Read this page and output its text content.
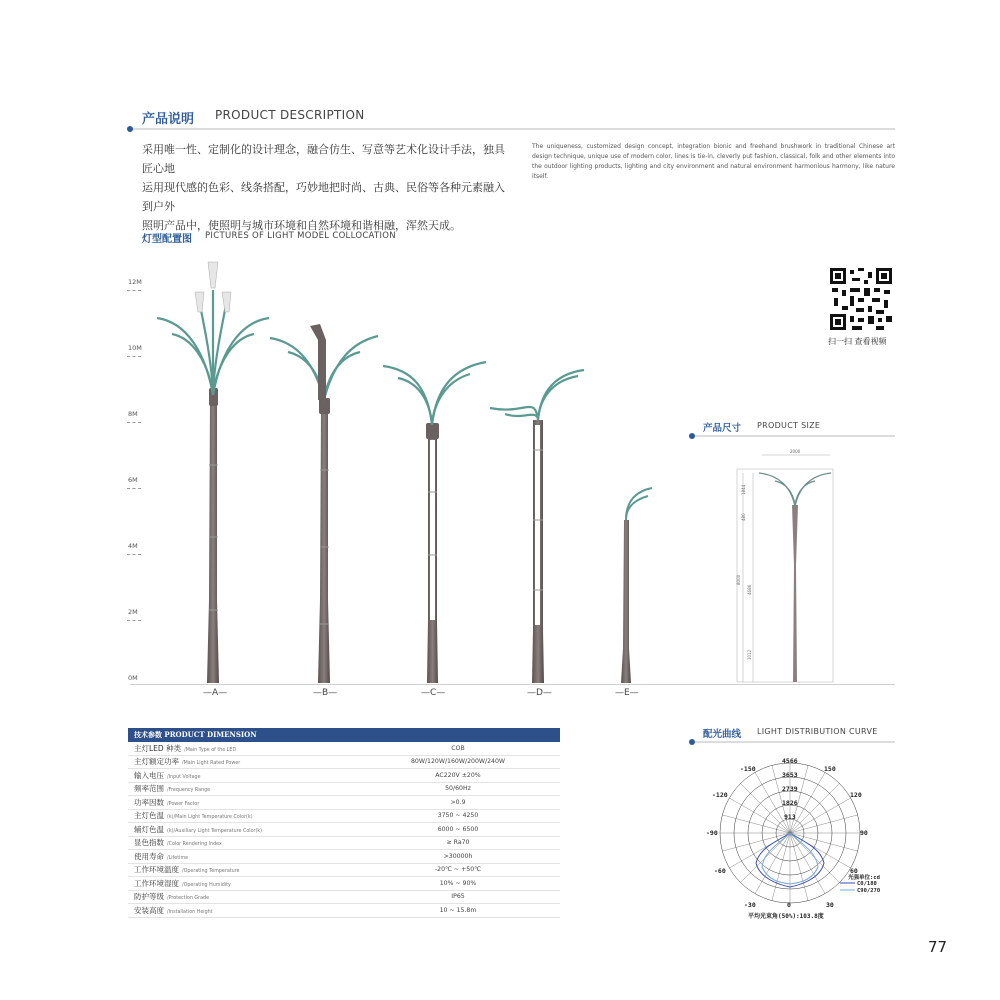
产品说明 PRODUCT DESCRIPTION
采用唯一性、定制化的设计理念，融合仿生、写意等艺术化设计手法，独具匠心地
运用现代感的色彩、线条搭配，巧妙地把时尚、古典、民俗等各种元素融入到户外
照明产品中，使照明与城市环境和自然环境和谐相融，浑然天成。
The uniqueness, customized design concept, integration bionic and freehand brushwork in traditional Chinese art design technique, unique use of modern color, lines is tie-in, cleverly put fashion, classical, folk and other elements into the outdoor lighting products, lighting and city environment and natural environment harmonious harmony, like nature itself.
灯型配置图 PICTURES OF LIGHT MODEL COLLOCATION
12M
10M
8M
6M
4M
2M
0M
—A—	—B—	—C—	—D—	—E—
扫一扫 查看视频
产品尺寸 PRODUCT SIZE
2000
1844
480
8000
4686
1012
技术参数 PRODUCT DIMENSION	
主灯LED 种类 /Main Type of the LED	COB
主灯额定功率 /Main Light Rated Power	80W/120W/160W/200W/240W
输入电压 /Input Voltage	AC220V ±20%
频率范围 /Frequency Range	50/60Hz
功率因数 /Power Factor	>0.9
主灯色温 (k)/Main Light Temperature Color(k)	3750 ~ 4250
辅灯色温 (k)/Auxiliary Light Temperature Color(k)	6000 ~ 6500
显色指数 /Color Rendering Index	≥ Ra70
使用寿命 /Lifetime	>30000h
工作环境温度 /Operating Temperature	-20℃ ~ +50℃
工作环境湿度 /Operating Humidity	10% ~ 90%
防护等级 /Protection Grade	IP65
安装高度 /Installation Height	10 ~ 15.8m
配光曲线 LIGHT DISTRIBUTION CURVE
4566
3653
2739
1826
913
-150	150
-120	120
-90	90
-60	60
-30	0	30
光强单位:cd
平均光束角(50%):103.8度
C0/180
C90/270
77
